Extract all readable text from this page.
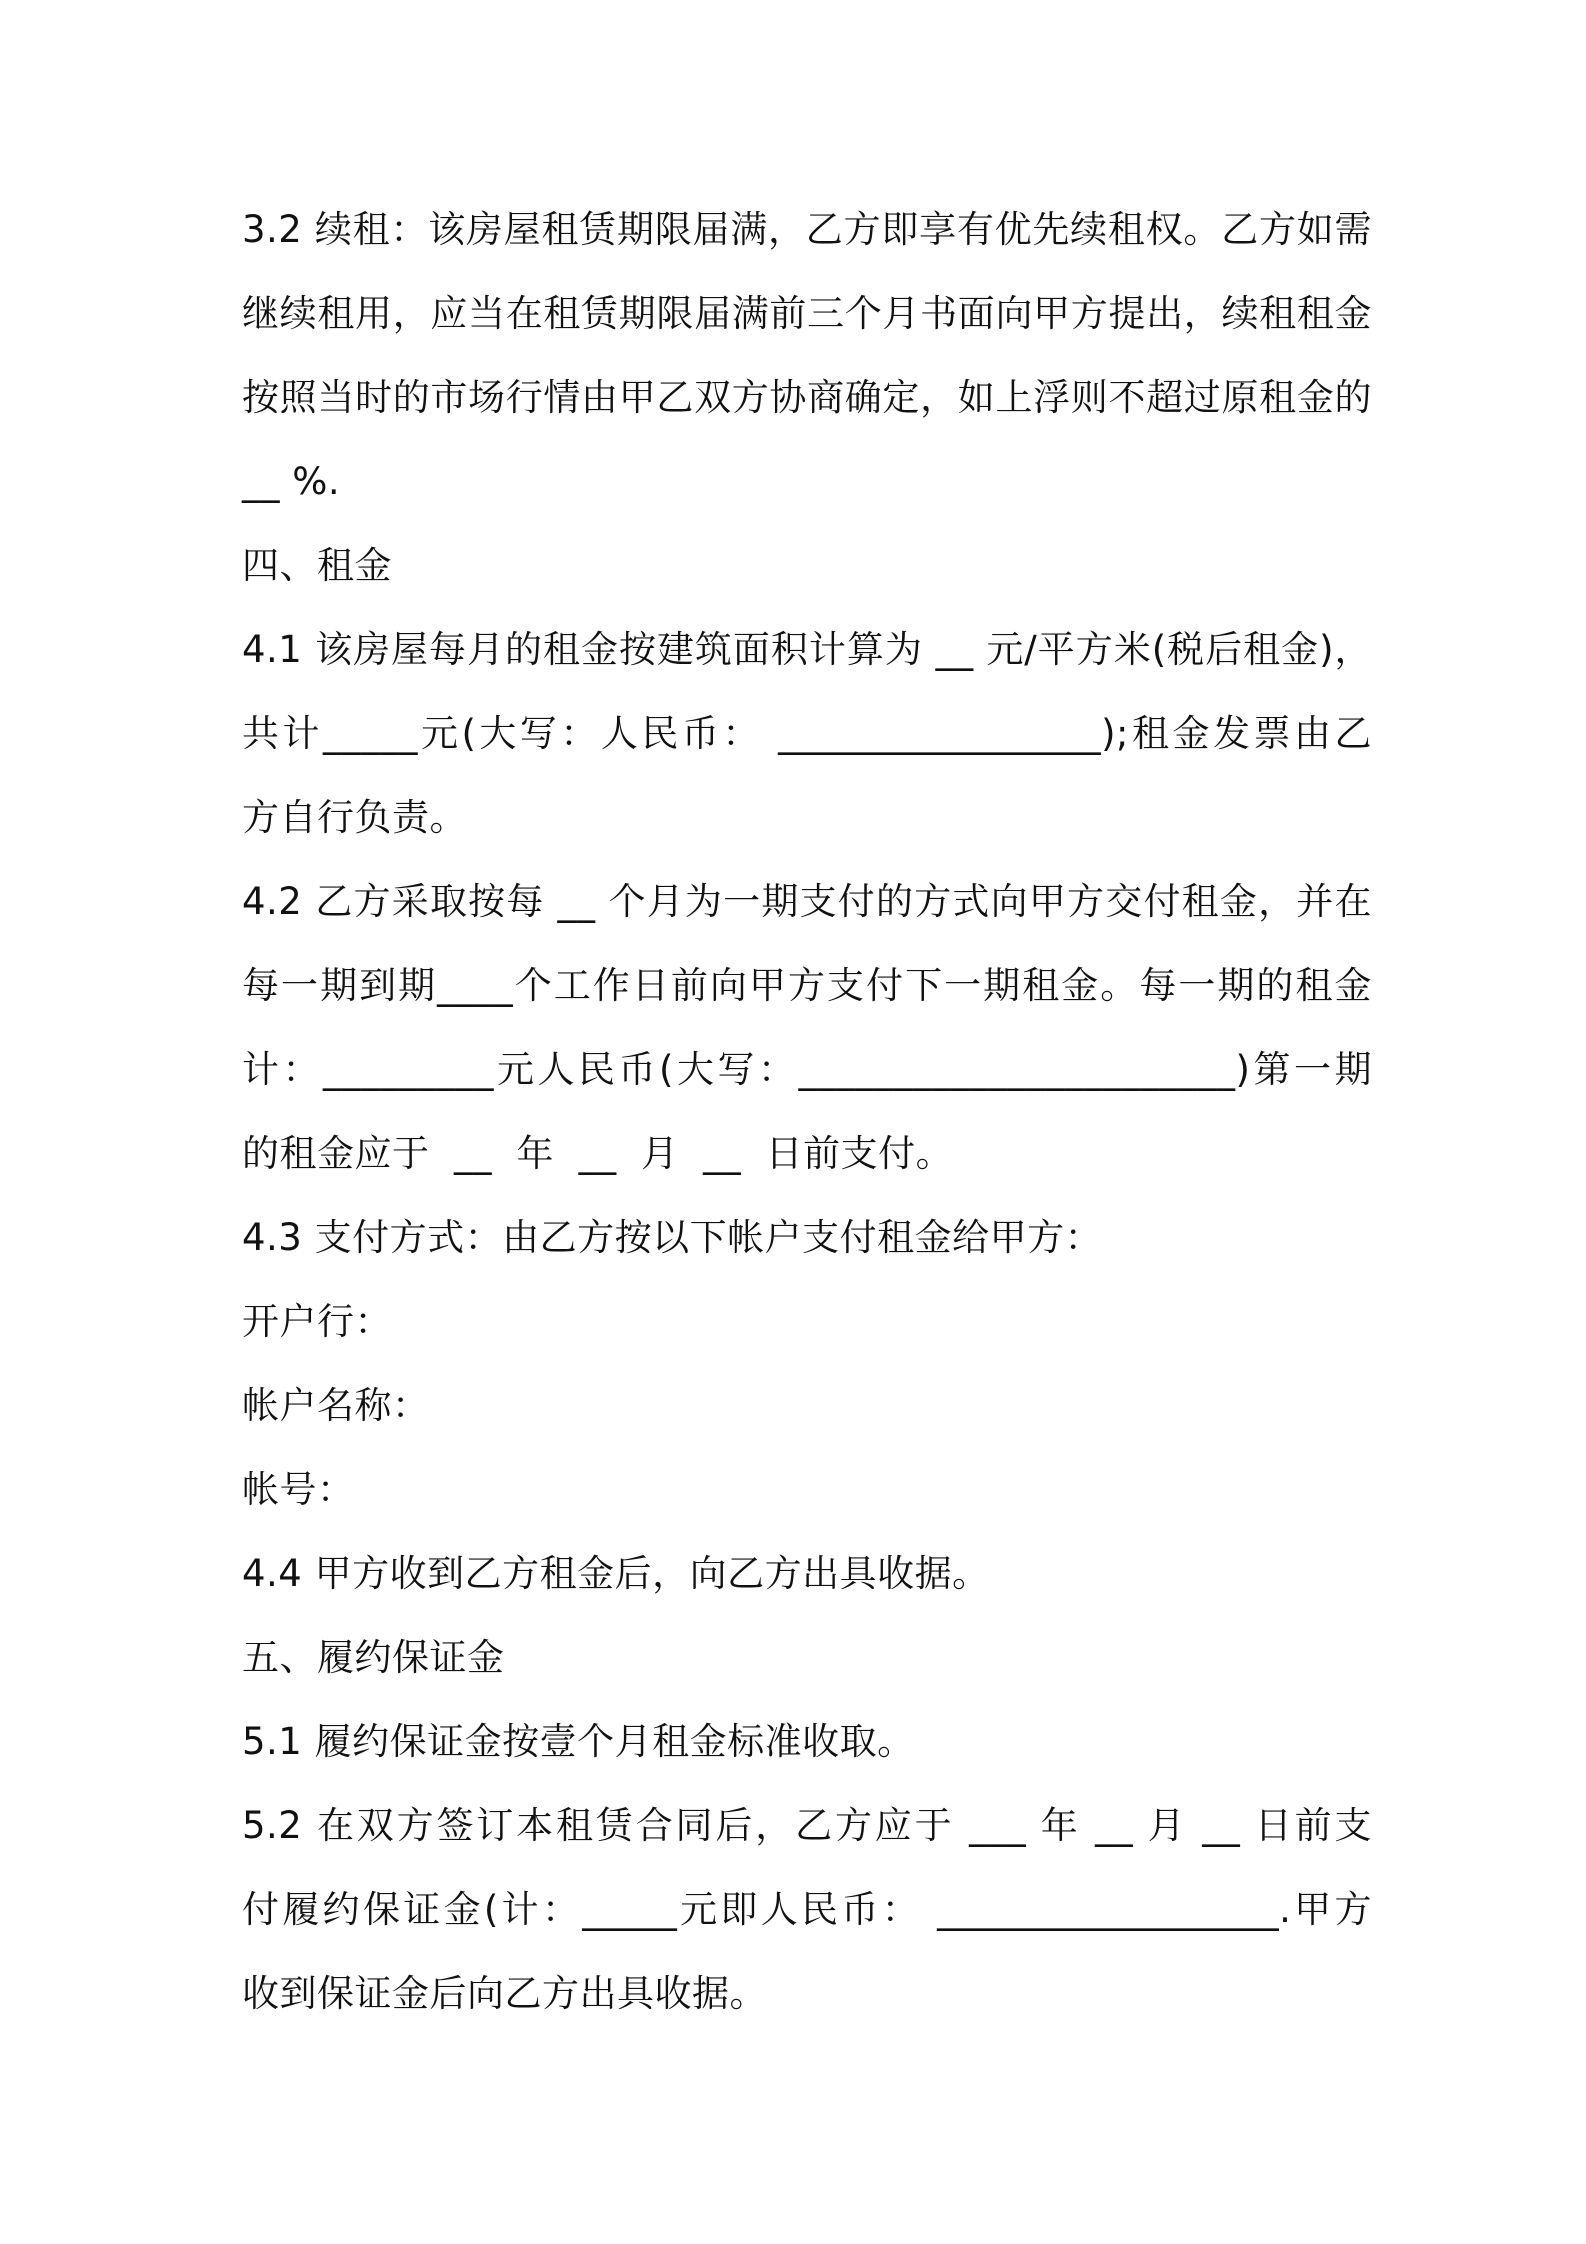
3.2 续租：该房屋租赁期限届满，乙方即享有优先续租权。乙方如需
继续租用，应当在租赁期限届满前三个月书面向甲方提出，续租租金
按照当时的市场行情由甲乙双方协商确定，如上浮则不超过原租金的
__ %.
四、租金
4.1 该房屋每月的租金按建筑面积计算为 __ 元/平方米(税后租金)，
共计_____元(大写：人民币： _________________);租金发票由乙
方自行负责。
4.2 乙方采取按每 __ 个月为一期支付的方式向甲方交付租金，并在
每一期到期____个工作日前向甲方支付下一期租金。每一期的租金
计：_________元人民币(大写：_______________________)第一期
的租金应于  __  年  __  月  __  日前支付。
4.3 支付方式：由乙方按以下帐户支付租金给甲方：
开户行：
帐户名称：
帐号：
4.4 甲方收到乙方租金后，向乙方出具收据。
五、履约保证金
5.1 履约保证金按壹个月租金标准收取。
5.2 在双方签订本租赁合同后，乙方应于 ___ 年 __ 月 __ 日前支
付履约保证金(计：_____元即人民币： __________________.甲方
收到保证金后向乙方出具收据。
